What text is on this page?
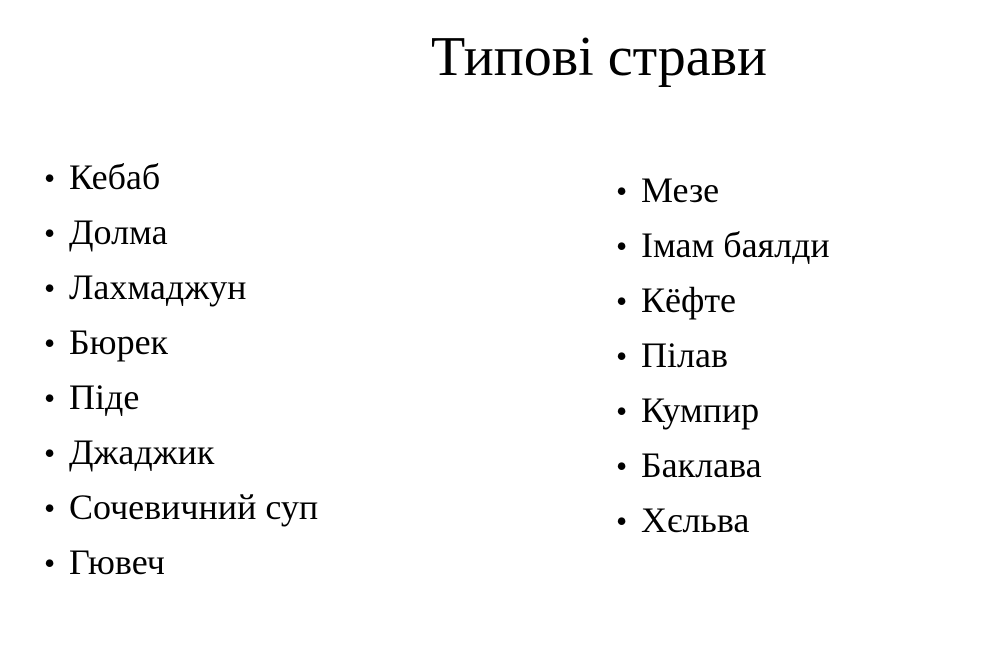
Типові страви
• Кебаб
• Долма
• Лахмаджун
• Бюрек
• Піде
• Джаджик
• Сочевичний суп
• Гювеч
• Мезе
• Імам баялди
• Кёфте
• Пілав
• Кумпир
• Баклава
• Хєльва
